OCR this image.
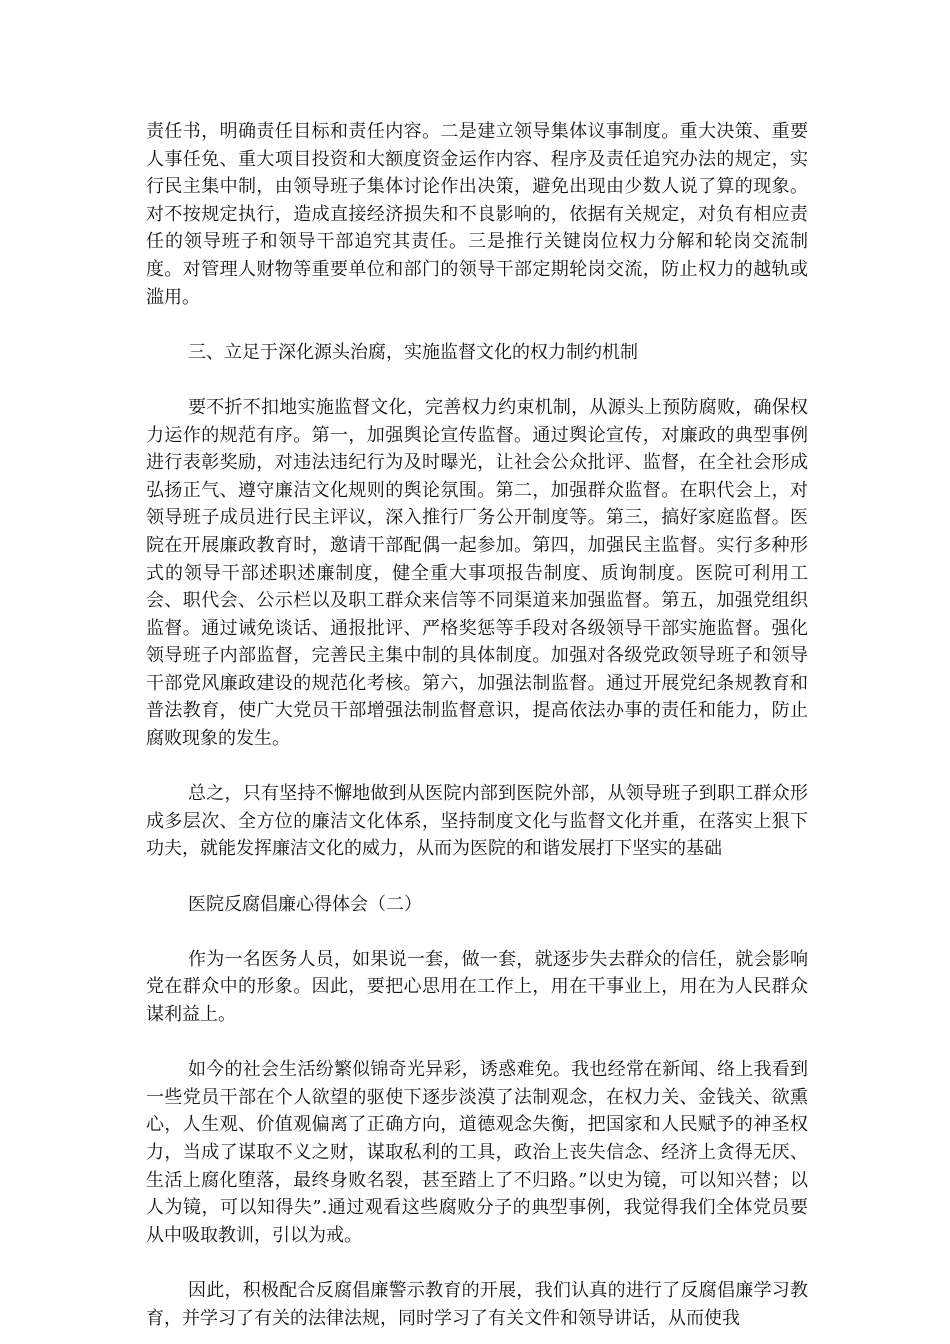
责任书，明确责任目标和责任内容。二是建立领导集体议事制度。重大决策、重要人事任免、重大项目投资和大额度资金运作内容、程序及责任追究办法的规定，实行民主集中制，由领导班子集体讨论作出决策，避免出现由少数人说了算的现象。对不按规定执行，造成直接经济损失和不良影响的，依据有关规定，对负有相应责任的领导班子和领导干部追究其责任。三是推行关键岗位权力分解和轮岗交流制度。对管理人财物等重要单位和部门的领导干部定期轮岗交流，防止权力的越轨或滥用。

三、立足于深化源头治腐，实施监督文化的权力制约机制

要不折不扣地实施监督文化，完善权力约束机制，从源头上预防腐败，确保权力运作的规范有序。第一，加强舆论宣传监督。通过舆论宣传，对廉政的典型事例进行表彰奖励，对违法违纪行为及时曝光，让社会公众批评、监督，在全社会形成弘扬正气、遵守廉洁文化规则的舆论氛围。第二，加强群众监督。在职代会上，对领导班子成员进行民主评议，深入推行厂务公开制度等。第三，搞好家庭监督。医院在开展廉政教育时，邀请干部配偶一起参加。第四，加强民主监督。实行多种形式的领导干部述职述廉制度，健全重大事项报告制度、质询制度。医院可利用工会、职代会、公示栏以及职工群众来信等不同渠道来加强监督。第五，加强党组织监督。通过诫免谈话、通报批评、严格奖惩等手段对各级领导干部实施监督。强化领导班子内部监督，完善民主集中制的具体制度。加强对各级党政领导班子和领导干部党风廉政建设的规范化考核。第六，加强法制监督。通过开展党纪条规教育和普法教育，使广大党员干部增强法制监督意识，提高依法办事的责任和能力，防止腐败现象的发生。

总之，只有坚持不懈地做到从医院内部到医院外部，从领导班子到职工群众形成多层次、全方位的廉洁文化体系，坚持制度文化与监督文化并重，在落实上狠下功夫，就能发挥廉洁文化的威力，从而为医院的和谐发展打下坚实的基础

医院反腐倡廉心得体会（二）

作为一名医务人员，如果说一套，做一套，就逐步失去群众的信任，就会影响党在群众中的形象。因此，要把心思用在工作上，用在干事业上，用在为人民群众谋利益上。

如今的社会生活纷繁似锦奇光异彩，诱惑难免。我也经常在新闻、络上我看到一些党员干部在个人欲望的驱使下逐步淡漠了法制观念，在权力关、金钱关、欲熏心，人生观、价值观偏离了正确方向，道德观念失衡，把国家和人民赋予的神圣权力，当成了谋取不义之财，谋取私利的工具，政治上丧失信念、经济上贪得无厌、生活上腐化堕落，最终身败名裂，甚至踏上了不归路。”以史为镜，可以知兴替；以人为镜，可以知得失”.通过观看这些腐败分子的典型事例，我觉得我们全体党员要从中吸取教训，引以为戒。

因此，积极配合反腐倡廉警示教育的开展，我们认真的进行了反腐倡廉学习教育，并学习了有关的法律法规，同时学习了有关文件和领导讲话，从而使我
